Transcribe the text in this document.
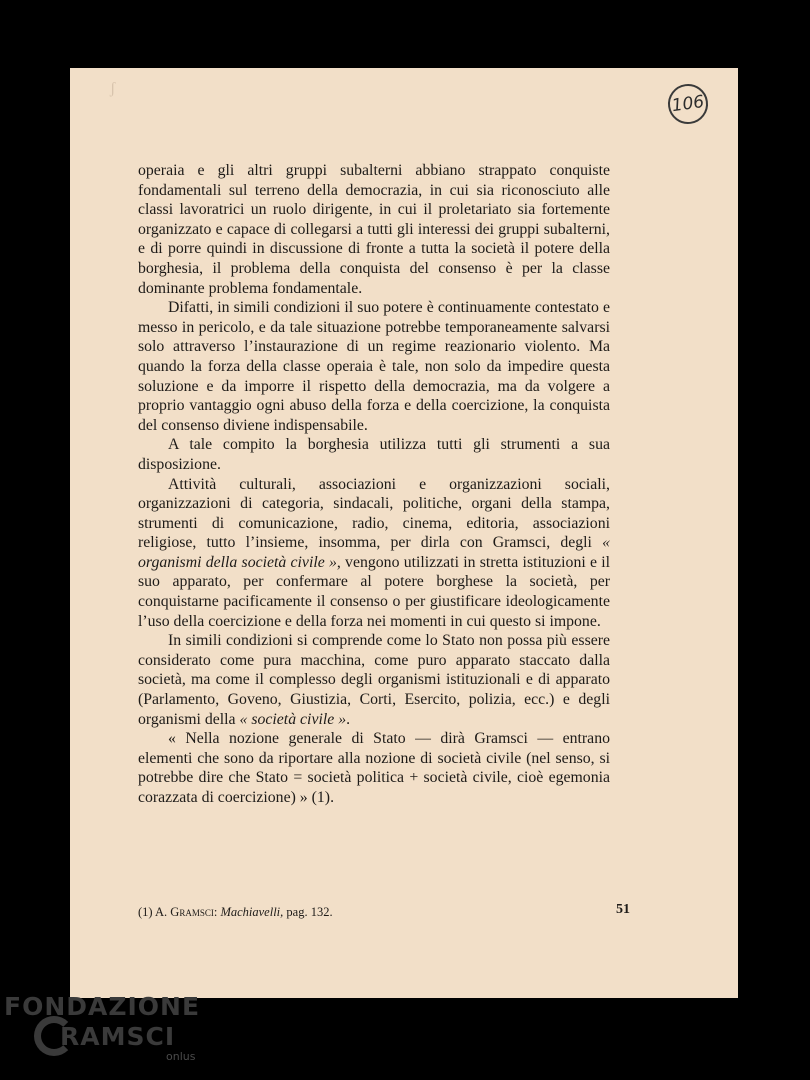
ʃ
106

operaia e gli altri gruppi subalterni abbiano strappato conquiste fondamentali sul terreno della democrazia, in cui sia riconosciuto alle classi lavoratrici un ruolo dirigente, in cui il proletariato sia fortemente organizzato e capace di collegarsi a tutti gli interessi dei gruppi subalterni, e di porre quindi in discussione di fronte a tutta la società il potere della borghesia, il problema della conquista del consenso è per la classe dominante problema fondamentale.

Difatti, in simili condizioni il suo potere è continuamente contestato e messo in pericolo, e da tale situazione potrebbe temporaneamente salvarsi solo attraverso l’instaurazione di un regime reazionario violento. Ma quando la forza della classe operaia è tale, non solo da impedire questa soluzione e da imporre il rispetto della democrazia, ma da volgere a proprio vantaggio ogni abuso della forza e della coercizione, la conquista del consenso diviene indispensabile.

A tale compito la borghesia utilizza tutti gli strumenti a sua disposizione.

Attività culturali, associazioni e organizzazioni sociali, organizzazioni di categoria, sindacali, politiche, organi della stampa, strumenti di comunicazione, radio, cinema, editoria, associazioni religiose, tutto l’insieme, insomma, per dirla con Gramsci, degli « organismi della società civile », vengono utilizzati in stretta istituzioni e il suo apparato, per confermare al potere borghese la società, per conquistarne pacificamente il consenso o per giustificare ideologicamente l’uso della coercizione e della forza nei momenti in cui questo si impone.

In simili condizioni si comprende come lo Stato non possa più essere considerato come pura macchina, come puro apparato staccato dalla società, ma come il complesso degli organismi istituzionali e di apparato (Parlamento, Goveno, Giustizia, Corti, Esercito, polizia, ecc.) e degli organismi della « società civile ».

« Nella nozione generale di Stato — dirà Gramsci — entrano elementi che sono da riportare alla nozione di società civile (nel senso, si potrebbe dire che Stato = società politica + società civile, cioè egemonia corazzata di coercizione) » (1).

(1) A. Gramsci: Machiavelli, pag. 132.	51
FONDAZIONE
RAMSCI
onlus
